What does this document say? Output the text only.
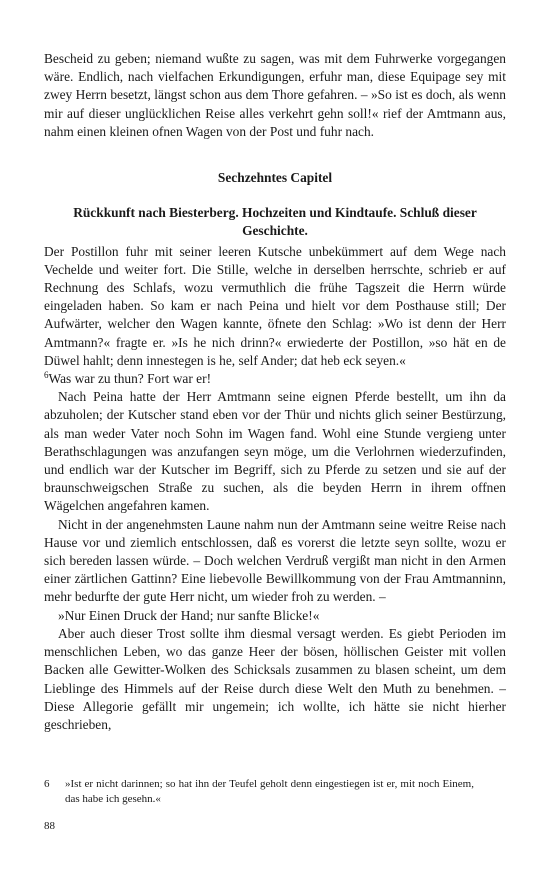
Bescheid zu geben; niemand wußte zu sagen, was mit dem Fuhrwerke vorgegangen wäre. Endlich, nach vielfachen Erkundigungen, erfuhr man, diese Equipage sey mit zwey Herrn besetzt, längst schon aus dem Thore gefahren. – »So ist es doch, als wenn mir auf dieser unglücklichen Reise alles verkehrt gehn soll!« rief der Amtmann aus, nahm einen kleinen ofnen Wagen von der Post und fuhr nach.

Sechzehntes Capitel
Rückkunft nach Biesterberg. Hochzeiten und Kindtaufe. Schluß dieser Geschichte.

Der Postillon fuhr mit seiner leeren Kutsche unbekümmert auf dem Wege nach Vechelde und weiter fort. Die Stille, welche in derselben herrschte, schrieb er auf Rechnung des Schlafs, wozu vermuthlich die frühe Tagszeit die Herrn würde eingeladen haben. So kam er nach Peina und hielt vor dem Posthause still; Der Aufwärter, welcher den Wagen kannte, öfnete den Schlag: »Wo ist denn der Herr Amtmann?« fragte er. »Is he nich drinn?« erwiederte der Postillon, »so hät en de Düwel hahlt; denn innestegen is he, self Ander; dat heb eck seyen.«
$^6$Was war zu thun? Fort war er!

Nach Peina hatte der Herr Amtmann seine eignen Pferde bestellt, um ihn da abzuholen; der Kutscher stand eben vor der Thür und nichts glich seiner Bestürzung, als man weder Vater noch Sohn im Wagen fand. Wohl eine Stunde vergieng unter Berathschlagungen was anzufangen seyn möge, um die Verlohrnen wiederzufinden, und endlich war der Kutscher im Begriff, sich zu Pferde zu setzen und sie auf der braunschweigschen Straße zu suchen, als die beyden Herrn in ihrem offnen Wägelchen angefahren kamen.

Nicht in der angenehmsten Laune nahm nun der Amtmann seine weitre Reise nach Hause vor und ziemlich entschlossen, daß es vorerst die letzte seyn sollte, wozu er sich bereden lassen würde. – Doch welchen Verdruß vergißt man nicht in den Armen einer zärtlichen Gattinn? Eine liebevolle Bewillkommung von der Frau Amtmanninn, mehr bedurfte der gute Herr nicht, um wieder froh zu werden. –

»Nur Einen Druck der Hand; nur sanfte Blicke!«

Aber auch dieser Trost sollte ihm diesmal versagt werden. Es giebt Perioden im menschlichen Leben, wo das ganze Heer der bösen, höllischen Geister mit vollen Backen alle Gewitter-Wolken des Schicksals zusammen zu blasen scheint, um dem Lieblinge des Himmels auf der Reise durch diese Welt den Muth zu benehmen. – Diese Allegorie gefällt mir ungemein; ich wollte, ich hätte sie nicht hierher geschrieben,

6	»Ist er nicht darinnen; so hat ihn der Teufel geholt denn eingestiegen ist er, mit noch Einem, das habe ich gesehn.«
88
